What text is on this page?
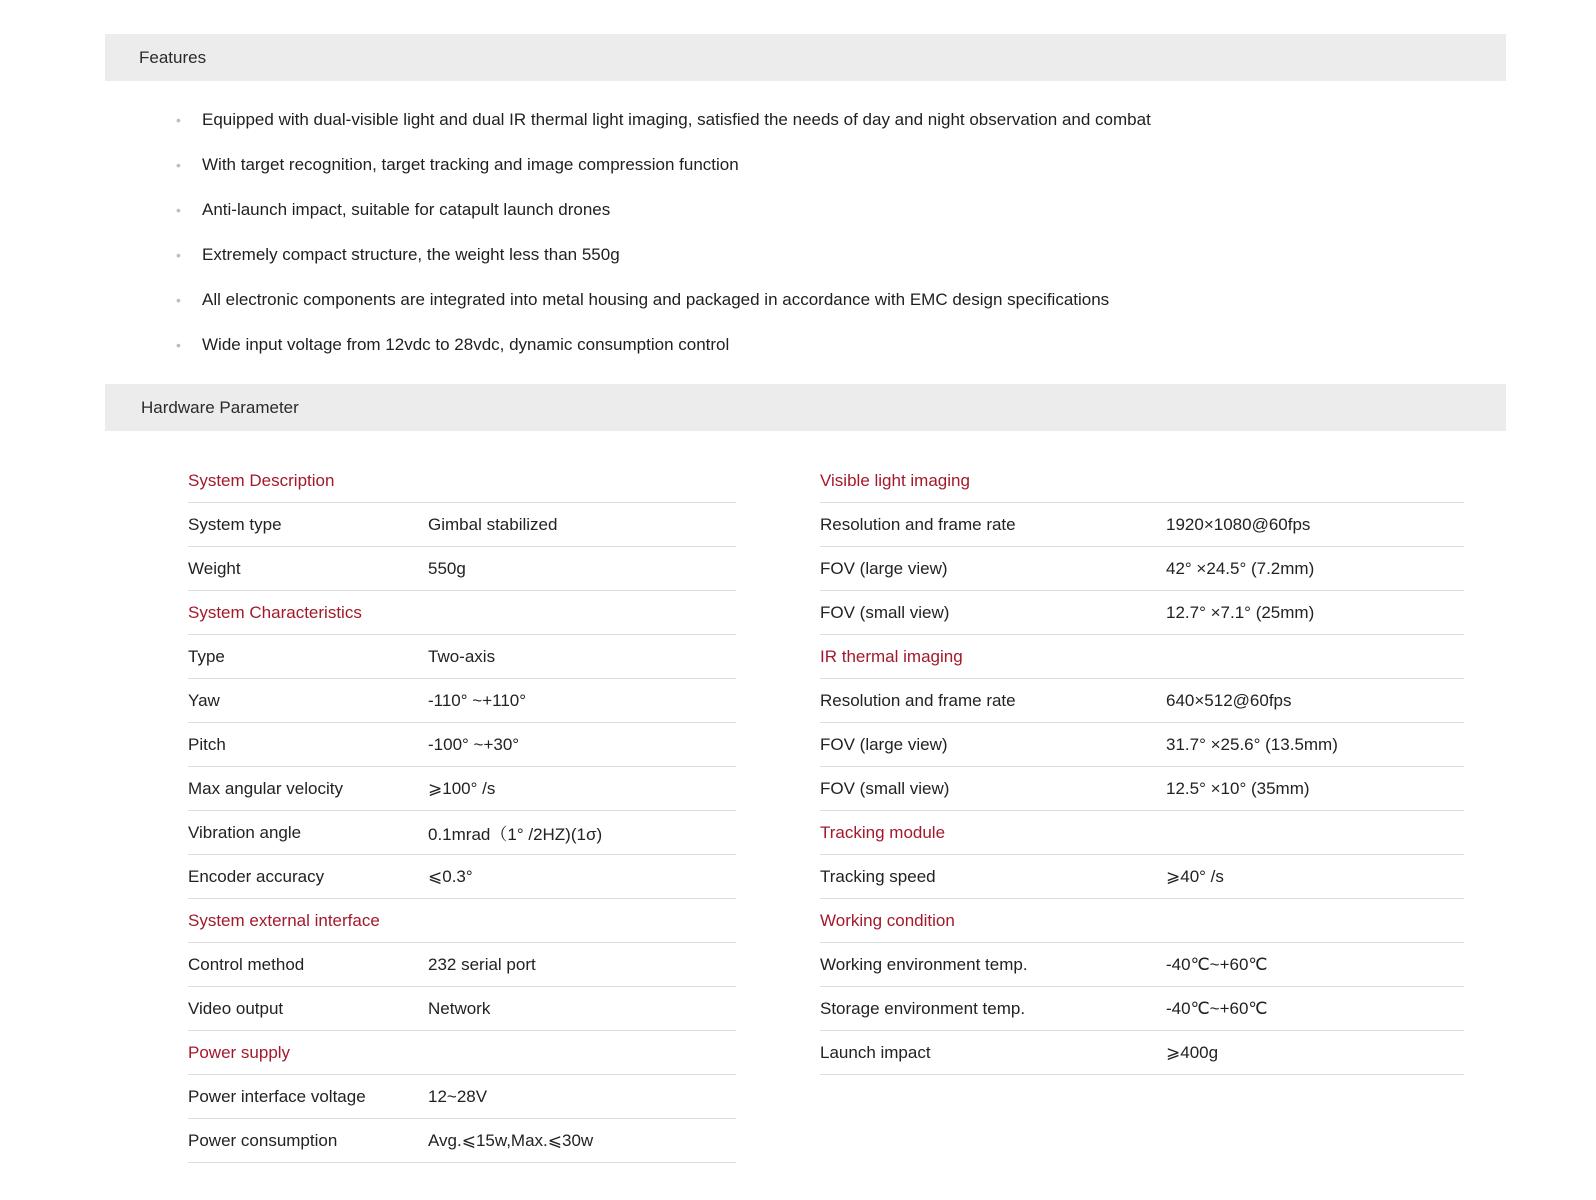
Features
•	Equipped with dual-visible light and dual IR thermal light imaging, satisfied the needs of day and night observation and combat
•	With target recognition, target tracking and image compression function
•	Anti-launch impact, suitable for catapult launch drones
•	Extremely compact structure, the weight less than 550g
•	All electronic components are integrated into metal housing and packaged in accordance with EMC design specifications
•	Wide input voltage from 12vdc to 28vdc, dynamic consumption control
Hardware Parameter
System Description
System type	Gimbal stabilized
Weight	550g
System Characteristics
Type	Two-axis
Yaw	-110° ~+110°
Pitch	-100° ~+30°
Max angular velocity	⩾100° /s
Vibration angle	0.1mrad（1° /2HZ)(1σ)
Encoder accuracy	⩽0.3°
System external interface
Control method	232 serial port
Video output	Network
Power supply
Power interface voltage	12~28V
Power consumption	Avg.⩽15w,Max.⩽30w
Visible light imaging
Resolution and frame rate	1920×1080@60fps
FOV (large view)	42° ×24.5° (7.2mm)
FOV (small view)	12.7° ×7.1° (25mm)
IR thermal imaging
Resolution and frame rate	640×512@60fps
FOV (large view)	31.7° ×25.6° (13.5mm)
FOV (small view)	12.5° ×10° (35mm)
Tracking module
Tracking speed	⩾40° /s
Working condition
Working environment temp.	-40℃~+60℃
Storage environment temp.	-40℃~+60℃
Launch impact	⩾400g
